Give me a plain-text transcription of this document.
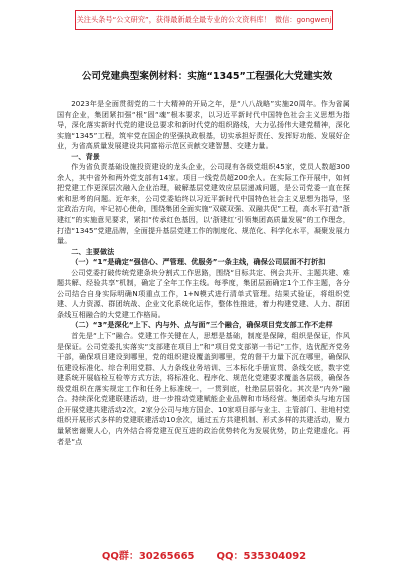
关注头条号“公文研究”，获得最新最全最专业的公文资料库！ 微信：gongwenj
公司党建典型案例材料：实施“1345”工程强化大党建实效

2023年是全面贯彻党的二十大精神的开局之年，是“八八战略”实施20周年。作为省属国有企业，集团紧扣强“根”固“魂”根本要求，以习近平新时代中国特色社会主义思想为指导，深化落实新时代党的建设总要求和新时代党的组织路线，大力弘扬伟大建党精神，深化实施“1345”工程，筑牢党在国企的坚强执政根基，切实承担好责任、发挥好功能、发展好企业，为省高质量发展建设共同富裕示范区贡献交建智慧、交建力量。

一、背景

作为省负责基础设施投资建设的龙头企业，公司现有各级党组织45家，党员人数超300余人，其中省外和两外党支部有14家。项目一线党员超200余人。在实际工作开展中，如何把党建工作更深层次融入企业治理，破解基层党建效应层层递减问题，是公司党委一直在探索和思考的问题。近年来，公司党委始终以习近平新时代中国特色社会主义思想为指导，坚定政治方向，牢记初心使命，围绕集团全面实施“双碳双强、双融共促”工程，高水平打造“浙建红”的实施意见要求，紧扣“传承红色基因，以‘浙建红’引领集团高质量发展”的工作理念，打造“1345”党建品牌，全面提升基层党建工作的制度化、规范化、科学化水平，凝聚发展力量。

二、主要做法

（一）“1”是确定“强信心、严管理、优服务”一条主线，确保公司层面不打折扣

公司党委打破传统党建条块分割式工作思路，围绕“目标共定、例会共开、主题共建、难题共解、经验共享”机制，确定了全年工作主线。每季度，集团层面确定1个工作主题，各分公司结合自身实际明确N项重点工作，1+N模式进行清单式管理。结果式验证，将组织党建、人力资源、群团统战、企业文化系统化运作，整体性推进，着力构建党建、人力、群团条线互相融合的大党建工作格局。

（二）“3”是深化“上下、内与外、点与面”三个融合，确保项目党支部工作不走样

首先是“上下”融合。党建工作关键在人，思想是基础，制度是保障，组织是保证，作风是保证。公司党委扎实落实“支部建在项目上”和“项目党支部第一书记”工作，选优配齐党务干部，确保项目建设到哪里，党的组织建设覆盖到哪里，党的督干力量下沉在哪里，确保队伍建设标准化、综合利用党群、人力条线业务培训、三本标化手册宣贯、条线交底，数字党建系统开展临检互检等方式方法，将标准化、程序化、规范化党建要求覆盖各层级，确保各级党组织在落实规定工作和任务上标准统一，一贯到底，杜绝层层弱化。其次是“内外”融合。持续深化党建联建活动，进一步推动党建赋能企业品牌和市场经营。集团牵头与地方国企开展党建共建活动2次，2家分公司与地方国企、10家项目部与业主、主管部门、驻地村党组织开展形式多样的党建联建活动10余次，通过五方共建机制、形式多样的共建活动，聚力量紧密谢聚人心，内外结合将党建互促互进的政治优势转化为发展优势，防止党建虚化。再者是“点

QQ群：30265665 QQ：535304092
